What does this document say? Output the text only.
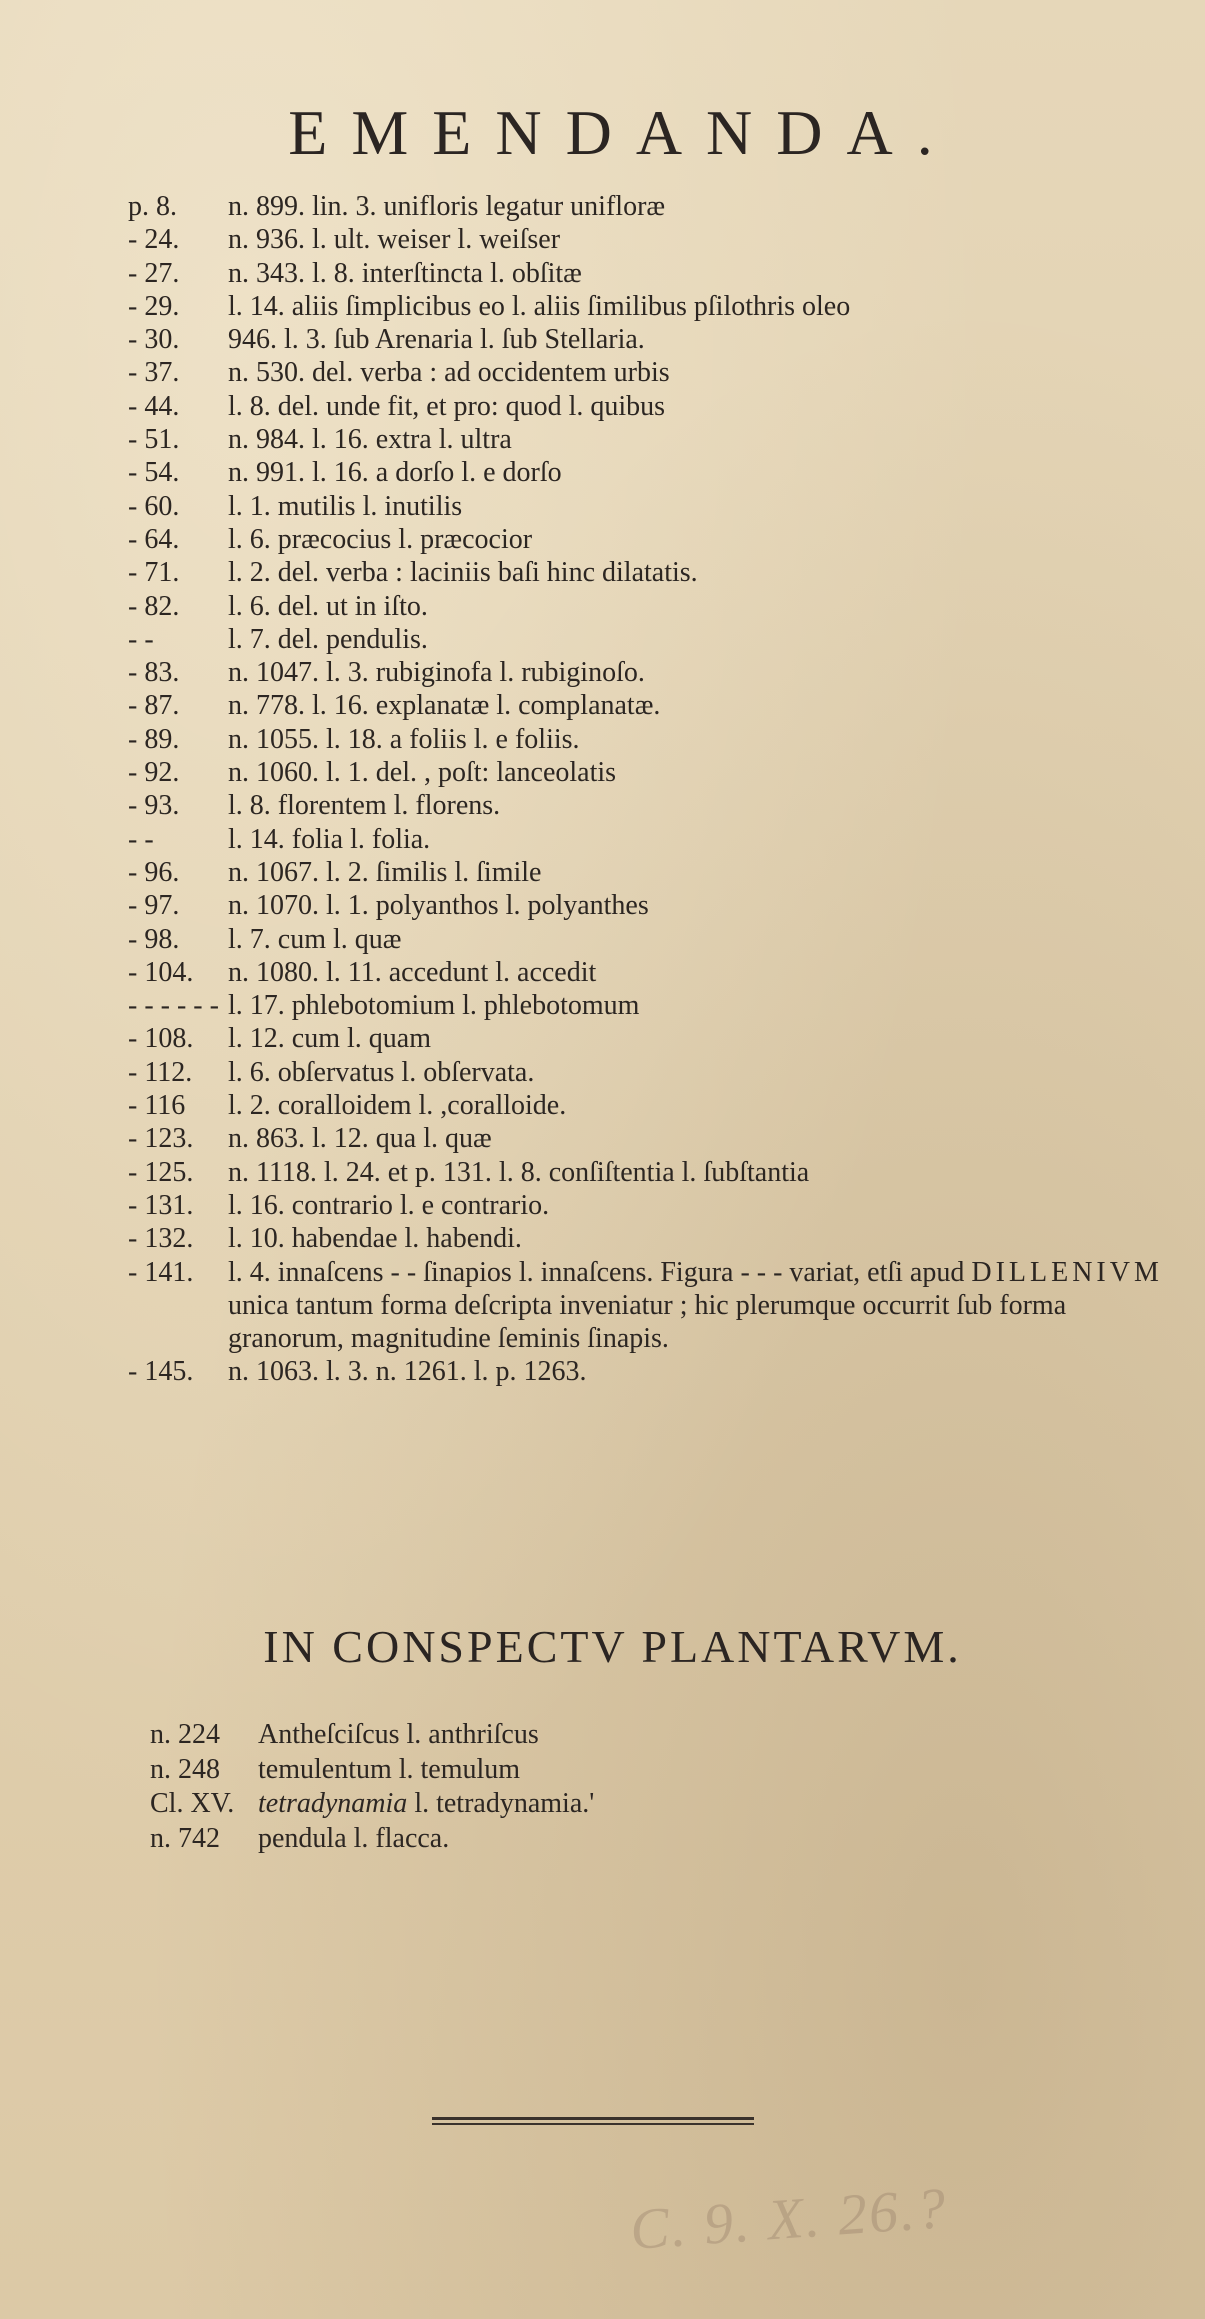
EMENDANDA.
p. 8.	n. 899. lin. 3. unifloris legatur unifloræ
- 24.	n. 936. l. ult. weiser l. weiſser
- 27.	n. 343. l. 8. interſtincta l. obſitæ
- 29.	l. 14. aliis ſimplicibus eo l. aliis ſimilibus pſilothris oleo
- 30.	946. l. 3. ſub Arenaria l. ſub Stellaria.
- 37.	n. 530. del. verba : ad occidentem urbis
- 44.	l. 8. del. unde fit, et pro: quod l. quibus
- 51.	n. 984. l. 16. extra l. ultra
- 54.	n. 991. l. 16. a dorſo l. e dorſo
- 60.	l. 1. mutilis l. inutilis
- 64.	l. 6. præcocius l. præcocior
- 71.	l. 2. del. verba : laciniis baſi hinc dilatatis.
- 82.	l. 6. del. ut in iſto.
- -	l. 7. del. pendulis.
- 83.	n. 1047. l. 3. rubiginofa l. rubiginoſo.
- 87.	n. 778. l. 16. explanatæ l. complanatæ.
- 89.	n. 1055. l. 18. a foliis l. e foliis.
- 92.	n. 1060. l. 1. del. , poſt: lanceolatis
- 93.	l. 8. florentem l. florens.
- -	l. 14. folia l. folia.
- 96.	n. 1067. l. 2. ſimilis l. ſimile
- 97.	n. 1070. l. 1. polyanthos l. polyanthes
- 98.	l. 7. cum l. quæ
- 104.	n. 1080. l. 11. accedunt l. accedit
- - - - - - l. 17. phlebotomium l. phlebotomum
- 108.	l. 12. cum l. quam
- 112.	l. 6. obſervatus l. obſervata.
- 116	l. 2. coralloidem l. ,coralloide.
- 123.	n. 863. l. 12. qua l. quæ
- 125.	n. 1118. l. 24. et p. 131. l. 8. conſiſtentia l. ſubſtantia
- 131.	l. 16. contrario l. e contrario.
- 132.	l. 10. habendae l. habendi.
- 141.	l. 4. innaſcens - - ſinapios l. innaſcens. Figura - - - variat, etſi apud DILLENIVM unica tantum forma deſcripta inveniatur ; hic plerumque occurrit ſub forma granorum, magnitudine ſeminis ſinapis.
- 145.	n. 1063. l. 3. n. 1261. l. p. 1263.
IN CONSPECTV PLANTARVM.
n. 224	Antheſciſcus l. anthriſcus
n. 248	temulentum l. temulum
Cl. XV. tetradynamia l. tetradynamia.'
n. 742	pendula l. flacca.
C. 9. X. 26.?
